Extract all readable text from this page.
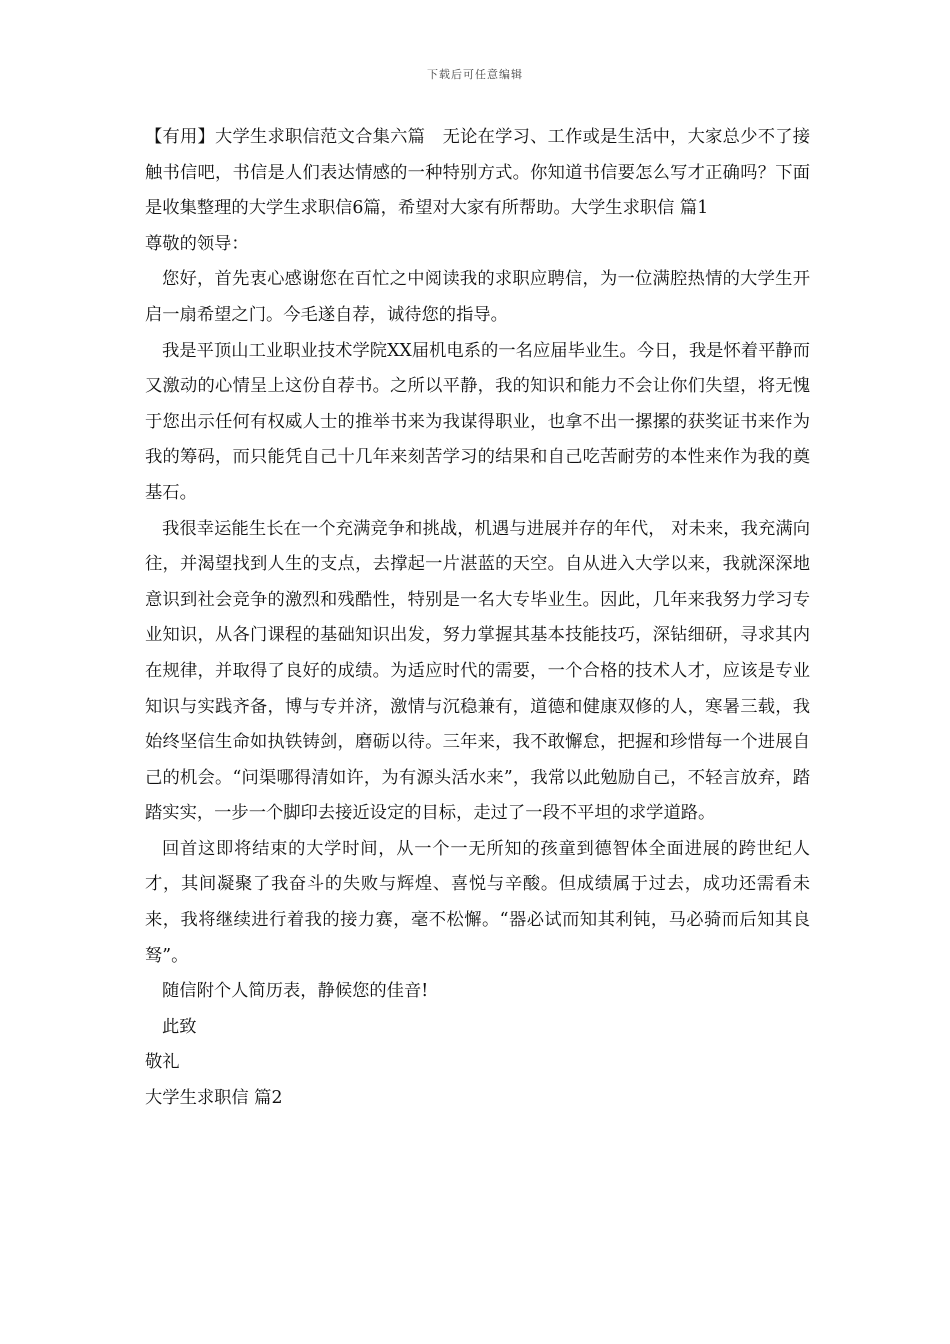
下载后可任意编辑

【有用】大学生求职信范文合集六篇　无论在学习、工作或是生活中，大家总少不了接触书信吧，书信是人们表达情感的一种特别方式。你知道书信要怎么写才正确吗？下面是收集整理的大学生求职信6篇，希望对大家有所帮助。大学生求职信 篇1

尊敬的领导：

您好，首先衷心感谢您在百忙之中阅读我的求职应聘信，为一位满腔热情的大学生开启一扇希望之门。今毛遂自荐，诚待您的指导。

我是平顶山工业职业技术学院XX届机电系的一名应届毕业生。今日，我是怀着平静而又激动的心情呈上这份自荐书。之所以平静，我的知识和能力不会让你们失望，将无愧于您出示任何有权威人士的推举书来为我谋得职业，也拿不出一摞摞的获奖证书来作为我的筹码，而只能凭自己十几年来刻苦学习的结果和自己吃苦耐劳的本性来作为我的奠基石。

我很幸运能生长在一个充满竞争和挑战，机遇与进展并存的年代， 对未来，我充满向往，并渴望找到人生的支点，去撑起一片湛蓝的天空。自从进入大学以来，我就深深地意识到社会竞争的激烈和残酷性，特别是一名大专毕业生。因此，几年来我努力学习专业知识，从各门课程的基础知识出发，努力掌握其基本技能技巧，深钻细研，寻求其内在规律，并取得了良好的成绩。为适应时代的需要，一个合格的技术人才，应该是专业知识与实践齐备，博与专并济，激情与沉稳兼有，道德和健康双修的人，寒暑三载，我始终坚信生命如执铁铸剑，磨砺以待。三年来，我不敢懈怠，把握和珍惜每一个进展自己的机会。“问渠哪得清如许，为有源头活水来”，我常以此勉励自己，不轻言放弃，踏踏实实，一步一个脚印去接近设定的目标，走过了一段不平坦的求学道路。

回首这即将结束的大学时间，从一个一无所知的孩童到德智体全面进展的跨世纪人才，其间凝聚了我奋斗的失败与辉煌、喜悦与辛酸。但成绩属于过去，成功还需看未来，我将继续进行着我的接力赛，毫不松懈。“器必试而知其利钝，马必骑而后知其良驽”。

随信附个人简历表，静候您的佳音!

此致

敬礼

大学生求职信 篇2
